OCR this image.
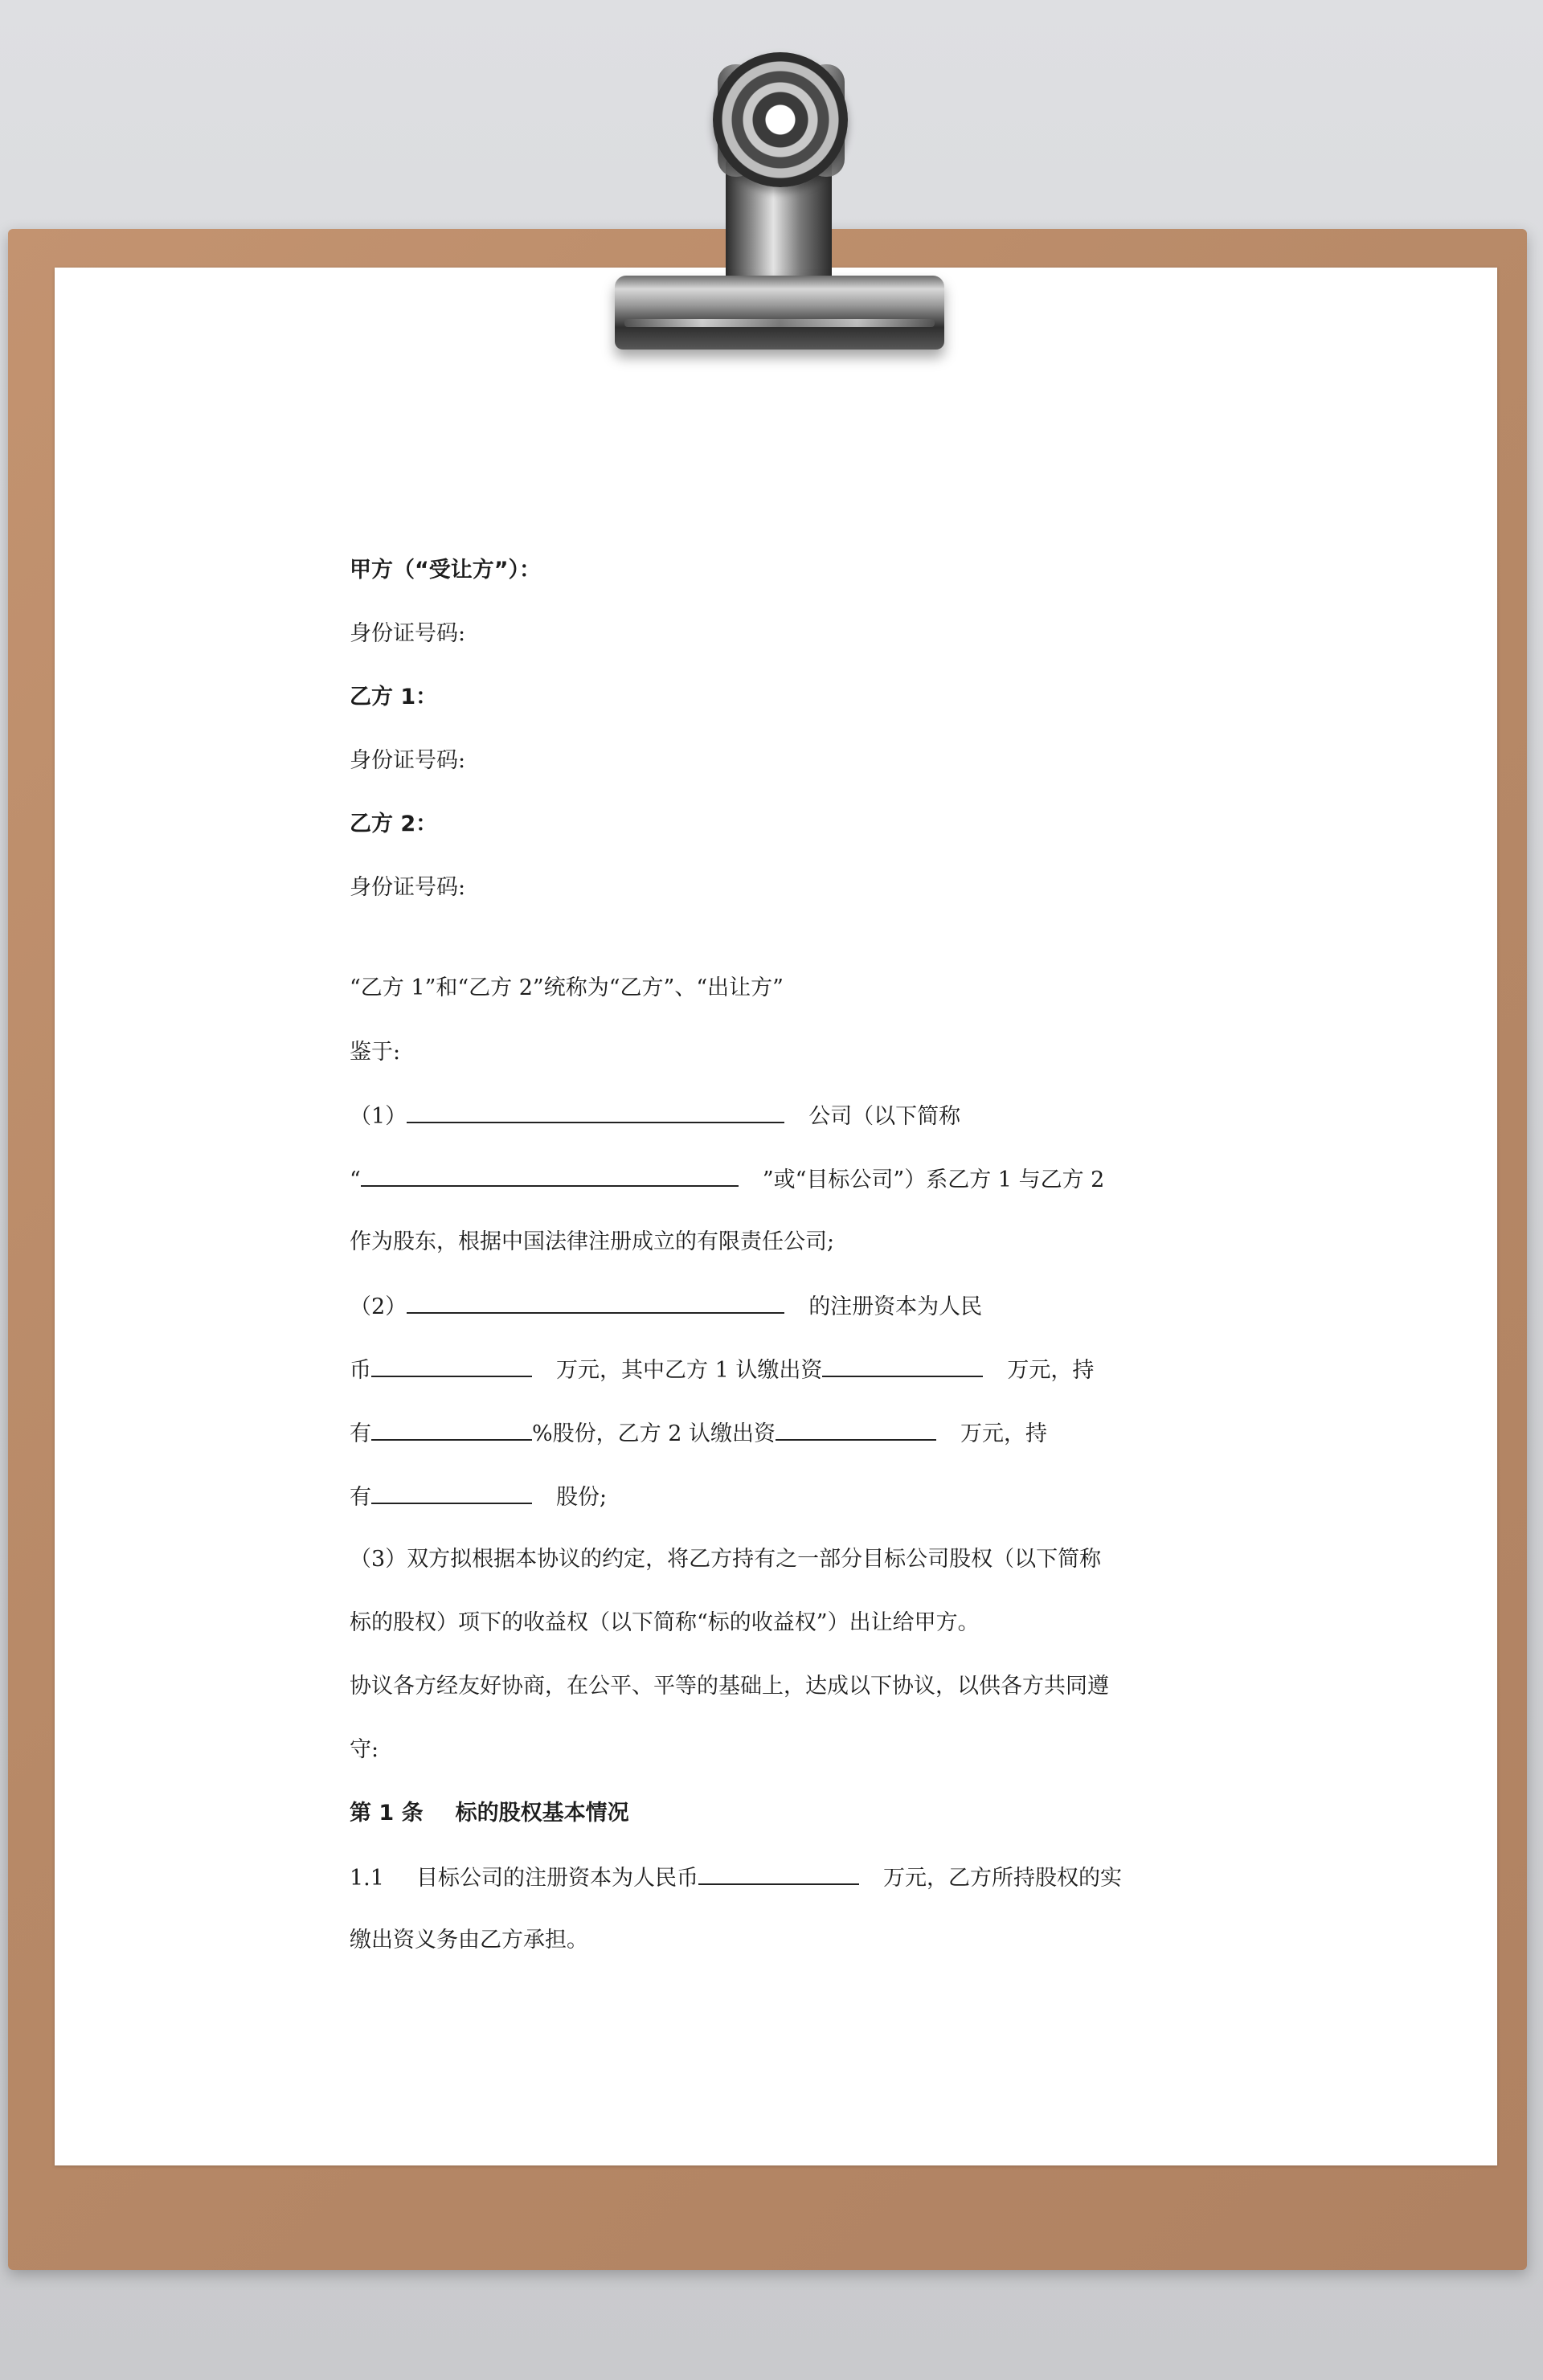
甲方（“受让方”）：
身份证号码:
乙方 1：
身份证号码:
乙方 2：
身份证号码:
“乙方 1”和“乙方 2”统称为“乙方”、“出让方”
鉴于:
（1）	公司（以下简称
“	”或“目标公司”）系乙方 1 与乙方 2
作为股东，根据中国法律注册成立的有限责任公司;
（2）	的注册资本为人民
币	万元，其中乙方 1 认缴出资	万元，持
有	%股份，乙方 2 认缴出资	万元，持
有	股份;
（3）双方拟根据本协议的约定，将乙方持有之一部分目标公司股权（以下简称
标的股权）项下的收益权（以下简称“标的收益权”）出让给甲方。
协议各方经友好协商，在公平、平等的基础上，达成以下协议，以供各方共同遵
守:
第 1 条 标的股权基本情况
1.1 目标公司的注册资本为人民币	万元，乙方所持股权的实
缴出资义务由乙方承担。
